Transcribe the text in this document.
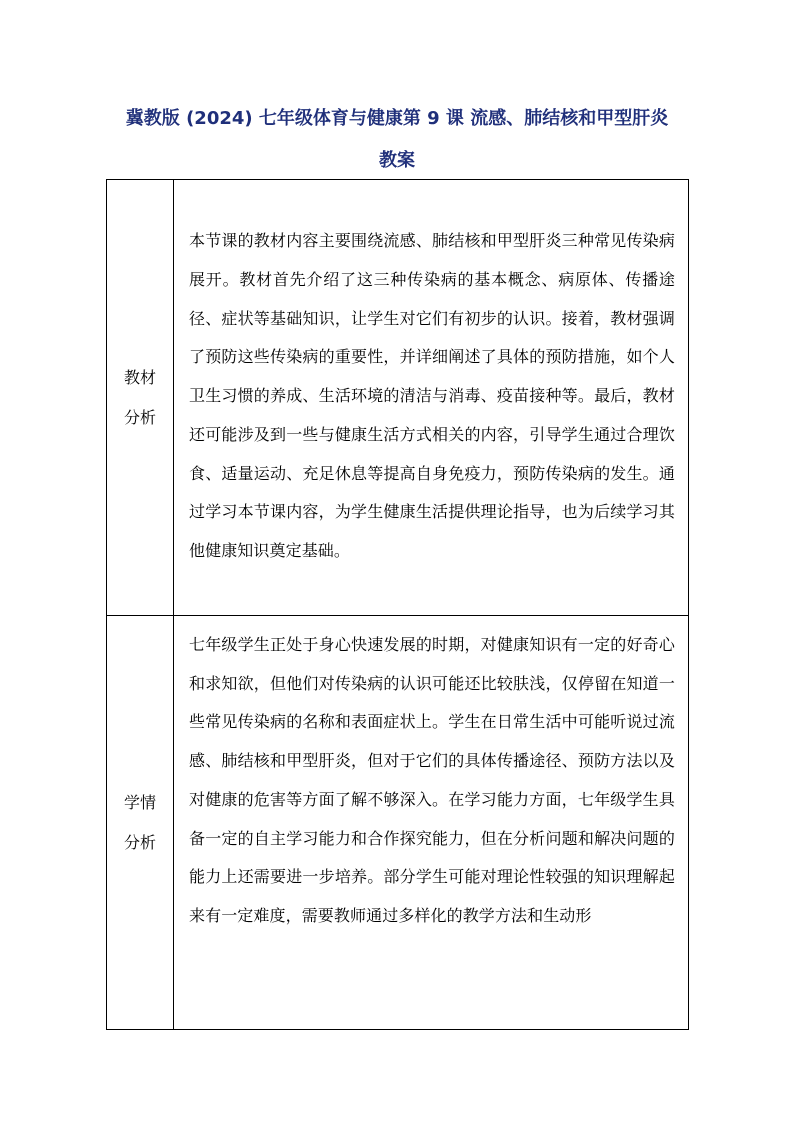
冀教版 (2024) 七年级体育与健康第 9 课 流感、肺结核和甲型肝炎
教案
教材
分析	本节课的教材内容主要围绕流感、肺结核和甲型肝炎三种常见传染病展开。教材首先介绍了这三种传染病的基本概念、病原体、传播途径、症状等基础知识，让学生对它们有初步的认识。接着，教材强调了预防这些传染病的重要性，并详细阐述了具体的预防措施，如个人卫生习惯的养成、生活环境的清洁与消毒、疫苗接种等。最后，教材还可能涉及到一些与健康生活方式相关的内容，引导学生通过合理饮食、适量运动、充足休息等提高自身免疫力，预防传染病的发生。通过学习本节课内容，为学生健康生活提供理论指导，也为后续学习其他健康知识奠定基础。

学情
分析	七年级学生正处于身心快速发展的时期，对健康知识有一定的好奇心和求知欲，但他们对传染病的认识可能还比较肤浅，仅停留在知道一些常见传染病的名称和表面症状上。学生在日常生活中可能听说过流感、肺结核和甲型肝炎，但对于它们的具体传播途径、预防方法以及对健康的危害等方面了解不够深入。在学习能力方面，七年级学生具备一定的自主学习能力和合作探究能力，但在分析问题和解决问题的能力上还需要进一步培养。部分学生可能对理论性较强的知识理解起来有一定难度，需要教师通过多样化的教学方法和生动形
